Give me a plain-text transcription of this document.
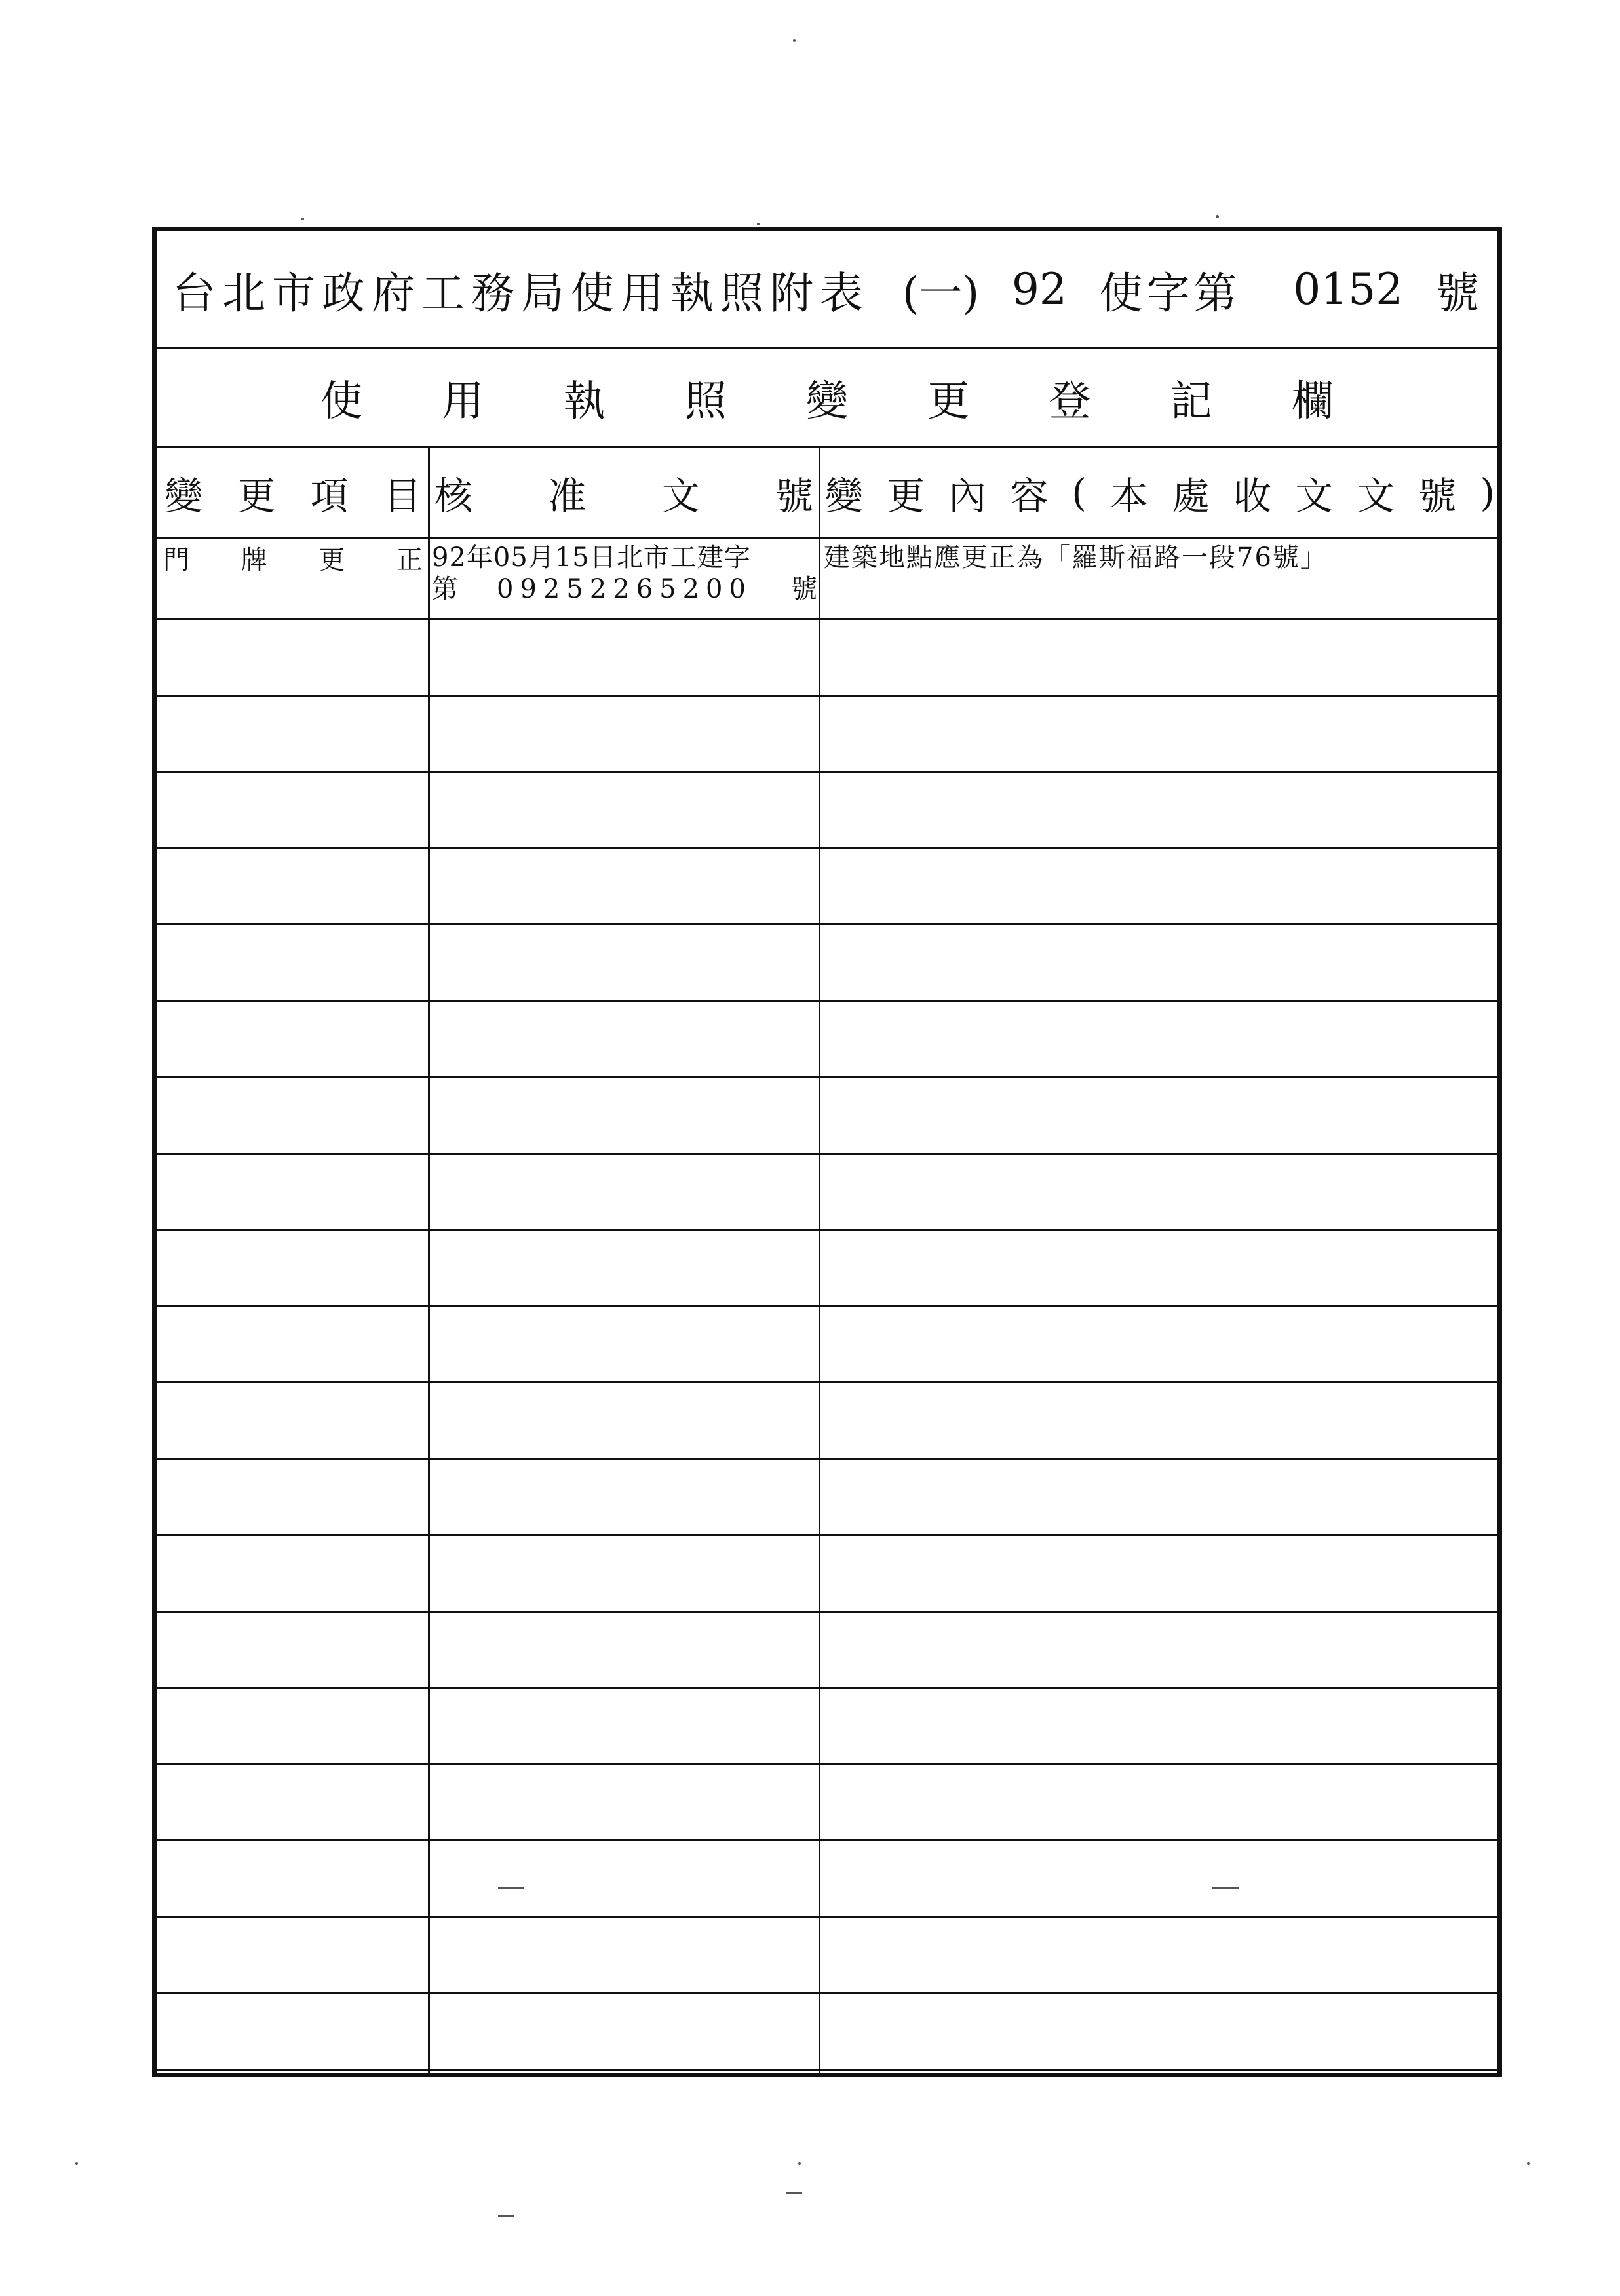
台北市政府工務局使用執照附表 (一) 92 使字第 0152 號
使 用 執 照 變 更 登 記 欄
變 更 項 目 核 准 文 號 變 更 內 容 ( 本 處 收 文 文 號 )
門 牌 更 正 92年05月15日北市工建字
第 09252265200 號
建築地點應更正為「羅斯福路一段76號」
